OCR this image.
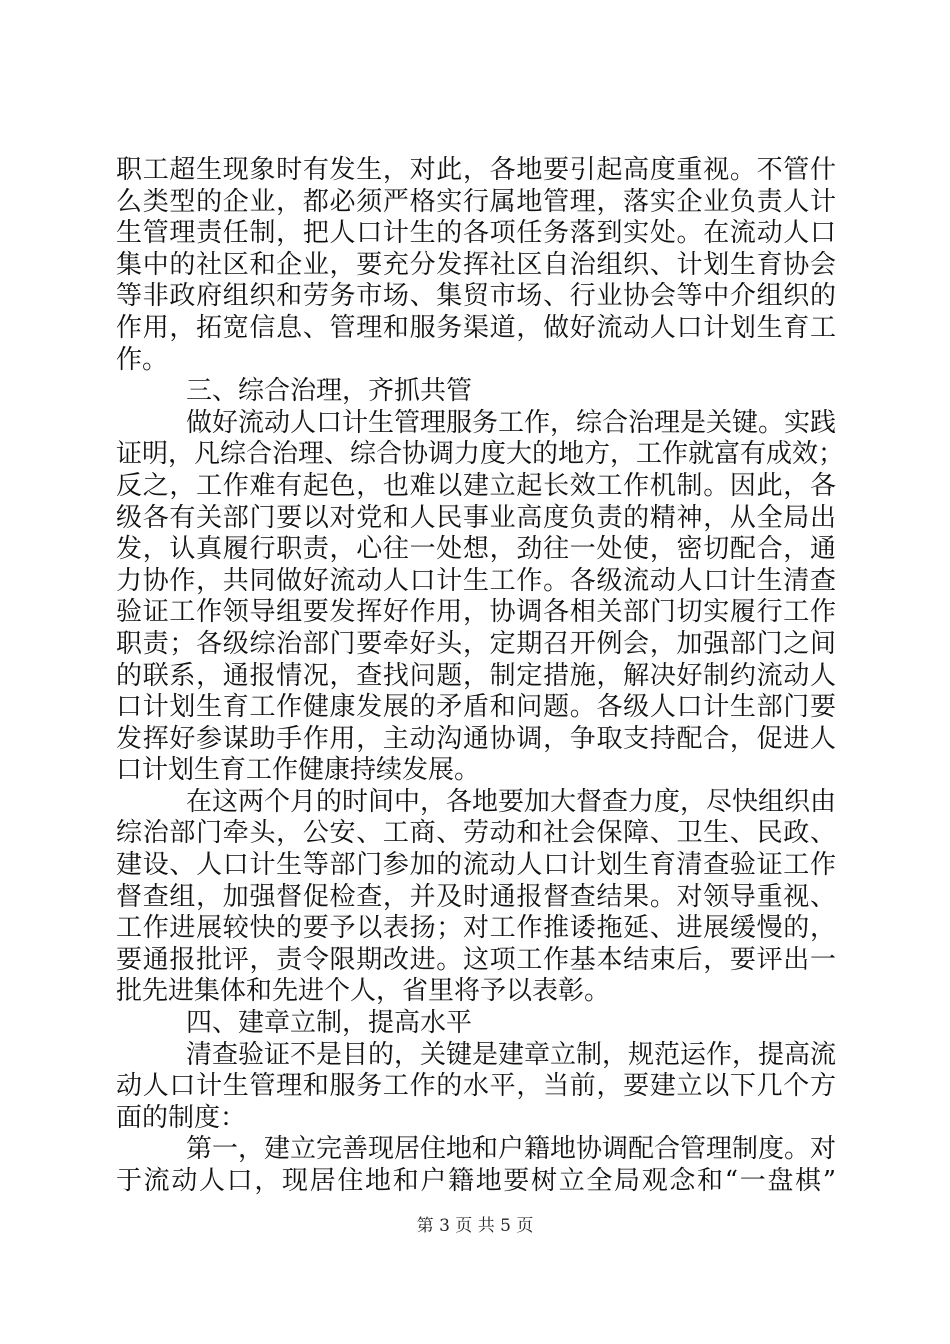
职工超生现象时有发生，对此，各地要引起高度重视。不管什
么类型的企业，都必须严格实行属地管理，落实企业负责人计
生管理责任制，把人口计生的各项任务落到实处。在流动人口
集中的社区和企业，要充分发挥社区自治组织、计划生育协会
等非政府组织和劳务市场、集贸市场、行业协会等中介组织的
作用，拓宽信息、管理和服务渠道，做好流动人口计划生育工
作。
三、综合治理，齐抓共管
做好流动人口计生管理服务工作，综合治理是关键。实践
证明，凡综合治理、综合协调力度大的地方，工作就富有成效；
反之，工作难有起色，也难以建立起长效工作机制。因此，各
级各有关部门要以对党和人民事业高度负责的精神，从全局出
发，认真履行职责，心往一处想，劲往一处使，密切配合，通
力协作，共同做好流动人口计生工作。各级流动人口计生清查
验证工作领导组要发挥好作用，协调各相关部门切实履行工作
职责；各级综治部门要牵好头，定期召开例会，加强部门之间
的联系，通报情况，查找问题，制定措施，解决好制约流动人
口计划生育工作健康发展的矛盾和问题。各级人口计生部门要
发挥好参谋助手作用，主动沟通协调，争取支持配合，促进人
口计划生育工作健康持续发展。
在这两个月的时间中，各地要加大督查力度，尽快组织由
综治部门牵头，公安、工商、劳动和社会保障、卫生、民政、
建设、人口计生等部门参加的流动人口计划生育清查验证工作
督查组，加强督促检查，并及时通报督查结果。对领导重视、
工作进展较快的要予以表扬；对工作推诿拖延、进展缓慢的，
要通报批评，责令限期改进。这项工作基本结束后，要评出一
批先进集体和先进个人，省里将予以表彰。
四、建章立制，提高水平
清查验证不是目的，关键是建章立制，规范运作，提高流
动人口计生管理和服务工作的水平，当前，要建立以下几个方
面的制度：
第一，建立完善现居住地和户籍地协调配合管理制度。对
于流动人口，现居住地和户籍地要树立全局观念和“一盘棋”
第 3 页 共 5 页
